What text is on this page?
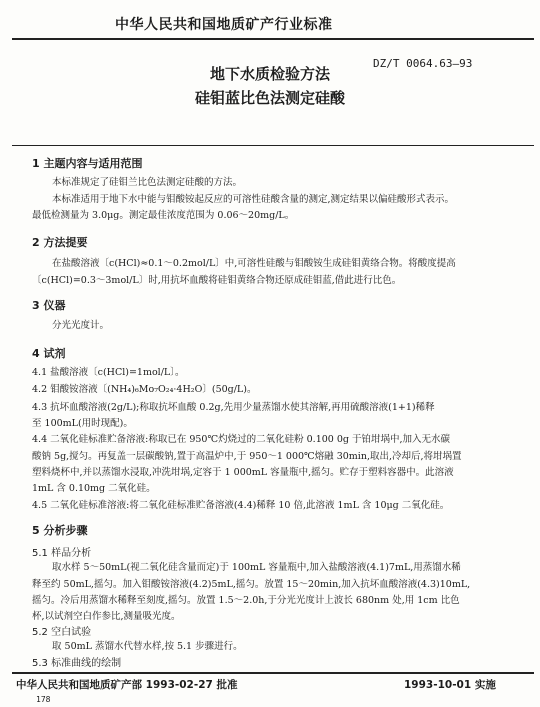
中华人民共和国地质矿产行业标准
地下水质检验方法
硅钼蓝比色法测定硅酸
DZ/T 0064.63—93
1 主题内容与适用范围
本标准规定了硅钼兰比色法测定硅酸的方法。
本标准适用于地下水中能与钼酸铵起反应的可溶性硅酸含量的测定,测定结果以偏硅酸形式表示。
最低检测量为 3.0μg。测定最佳浓度范围为 0.06～20mg/L。
2 方法提要
在盐酸溶液〔c(HCl)≈0.1～0.2mol/L〕中,可溶性硅酸与钼酸铵生成硅钼黄络合物。将酸度提高
〔c(HCl)=0.3～3mol/L〕时,用抗坏血酸将硅钼黄络合物还原成硅钼蓝,借此进行比色。
3 仪器
分光光度计。
4 试剂
4.1 盐酸溶液〔c(HCl)=1mol/L〕。
4.2 钼酸铵溶液〔(NH₄)₆Mo₇O₂₄·4H₂O〕(50g/L)。
4.3 抗坏血酸溶液(2g/L);称取抗坏血酸 0.2g,先用少量蒸馏水使其溶解,再用硫酸溶液(1+1)稀释
至 100mL(用时现配)。
4.4 二氧化硅标准贮备溶液:称取已在 950℃灼烧过的二氧化硅粉 0.100 0g 于铂坩埚中,加入无水碳
酸钠 5g,搅匀。再复盖一层碳酸钠,置于高温炉中,于 950～1 000℃熔融 30min,取出,冷却后,将坩埚置
塑料烧杯中,并以蒸馏水浸取,冲洗坩埚,定容于 1 000mL 容量瓶中,摇匀。贮存于塑料容器中。此溶液
1mL 含 0.10mg 二氧化硅。
4.5 二氧化硅标准溶液:将二氧化硅标准贮备溶液(4.4)稀释 10 倍,此溶液 1mL 含 10μg 二氧化硅。
5 分析步骤
5.1 样品分析
取水样 5～50mL(视二氧化硅含量而定)于 100mL 容量瓶中,加入盐酸溶液(4.1)7mL,用蒸馏水稀
释至约 50mL,摇匀。加入钼酸铵溶液(4.2)5mL,摇匀。放置 15～20min,加入抗坏血酸溶液(4.3)10mL,
摇匀。冷后用蒸馏水稀释至刻度,摇匀。放置 1.5～2.0h,于分光光度计上波长 680nm 处,用 1cm 比色
杯,以试剂空白作参比,测量吸光度。
5.2 空白试验
取 50mL 蒸馏水代替水样,按 5.1 步骤进行。
5.3 标准曲线的绘制
中华人民共和国地质矿产部 1993-02-27 批准	1993-10-01 实施
178
